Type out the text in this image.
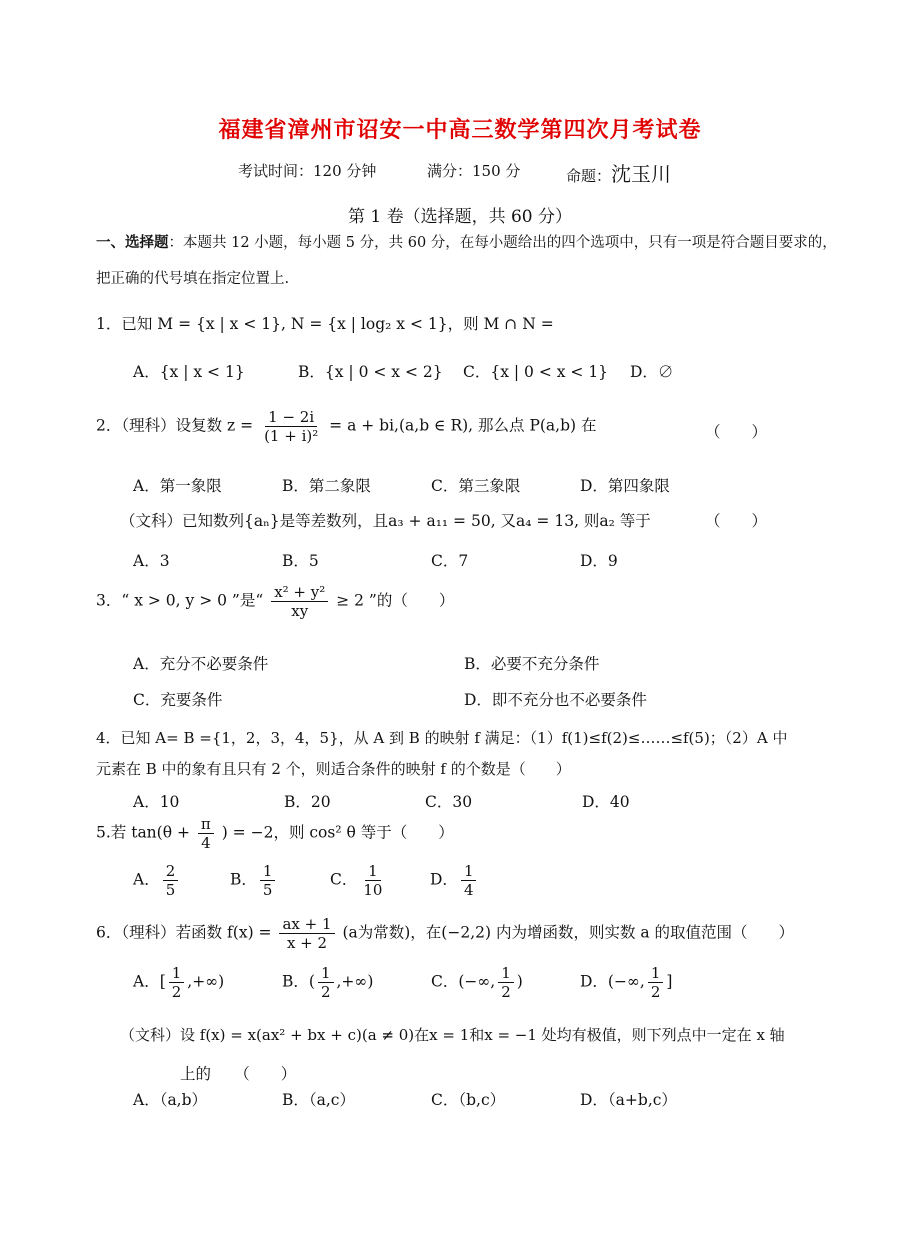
福建省漳州市诏安一中高三数学第四次月考试卷
考试时间：120 分钟	满分：150 分	命题：沈玉川
第 1 卷（选择题，共 60 分）
一、选择题：本题共 12 小题，每小题 5 分，共 60 分，在每小题给出的四个选项中，只有一项是符合题目要求的，
把正确的代号填在指定位置上.
1．已知 M = {x | x < 1}, N = {x | log₂ x < 1}，则 M ∩ N =
A．{x | x < 1}	B．{x | 0 < x < 2} C．{x | 0 < x < 1} D．∅
2．（理科）设复数 $z = \frac{1 - 2i}{\text{(1 + i)²}} = a + bi,(a,b$ ∈ R), 那么点 P(a,b) 在	（　　）
A．第一象限	B．第二象限	C．第三象限	D．第四象限
（文科）已知数列{aₙ}是等差数列，且a₃ + a₁₁ = 50, 又a₄ = 13, 则a₂ 等于	（　　）
A．3	B．5	C．7	D．9
3．“ x > 0, y > 0 ”是“ $\frac{\text{x² + y²}}{xy} \ge 2$ ”的（　　）
A．充分不必要条件	B．必要不充分条件
C．充要条件	D．即不充分也不必要条件
4．已知 A= B ={1，2，3，4，5}，从 A 到 B 的映射 f 满足：（1）f(1)≤f(2)≤……≤f(5)；（2）A 中
元素在 B 中的象有且只有 2 个，则适合条件的映射 f 的个数是（　　）
A．10	B．20	C．30	D．40
5.若 $\tan(\theta + \frac{\pi}{4}$ ) = −2，则 cos² θ 等于（　　）
A． $\frac{2}{5}$	B． $\frac{1}{5}$	C． $\frac{1}{10}$	D． $\frac{1}{4}$
6．（理科）若函数 $f(x) = \frac{ax + 1}{x + 2} (a$为常数)，在(−2,2) 内为增函数，则实数 a 的取值范围（　　）
A．[ $\frac{1}{2}$ ,+∞)	B．( $\frac{1}{2}$ ,+∞)	C．(−∞, $\frac{1}{2}$ )	D．(−∞, $\frac{1}{2}$ ]
（文科）设 f(x) = x(ax² + bx + c)(a ≠ 0)在x = 1和x = −1 处均有极值，则下列点中一定在 x 轴
上的　　（　　）
A．（a,b）	B．（a,c）	C．（b,c）	D．（a+b,c）
